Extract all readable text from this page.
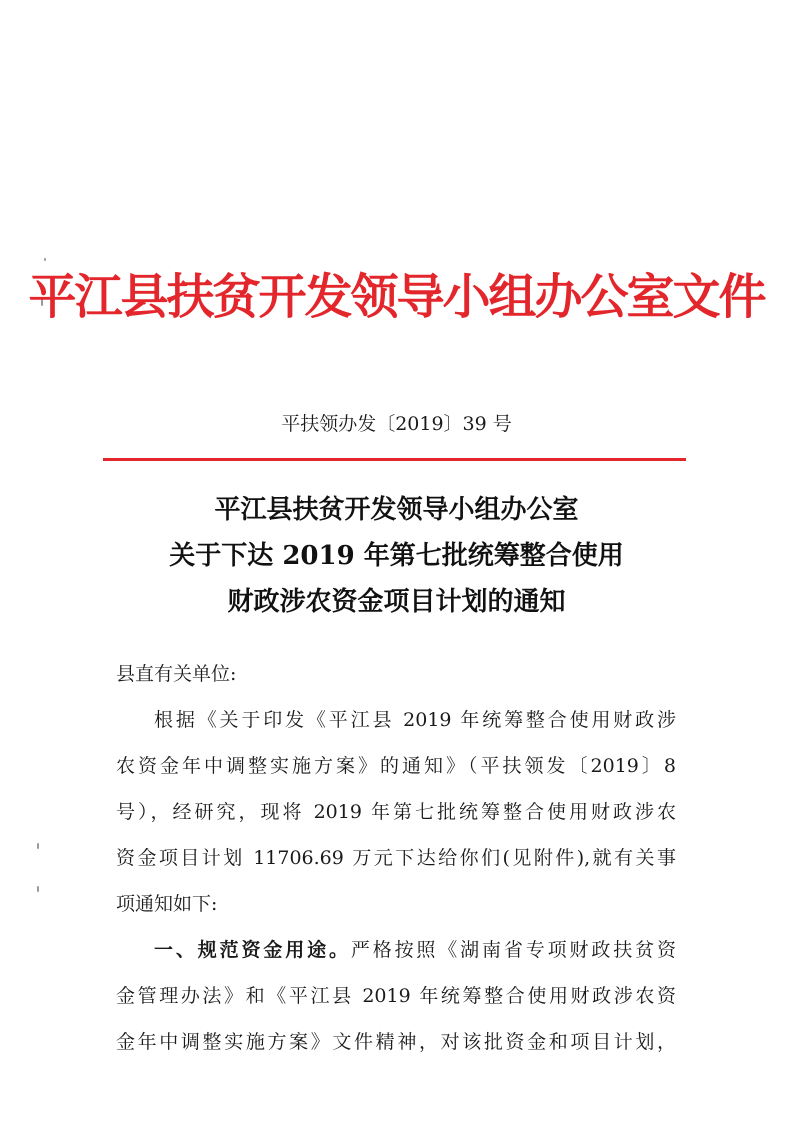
平江县扶贫开发领导小组办公室文件
平扶领办发〔2019〕39 号
平江县扶贫开发领导小组办公室
关于下达 2019 年第七批统筹整合使用
财政涉农资金项目计划的通知
县直有关单位:
根据《关于印发《平江县 2019 年统筹整合使用财政涉
农资金年中调整实施方案》的通知》（平扶领发〔2019〕8
号），经研究，现将 2019 年第七批统筹整合使用财政涉农
资金项目计划 11706.69 万元下达给你们(见附件),就有关事
项通知如下:
一、规范资金用途。严格按照《湖南省专项财政扶贫资
金管理办法》和《平江县 2019 年统筹整合使用财政涉农资
金年中调整实施方案》文件精神，对该批资金和项目计划，
